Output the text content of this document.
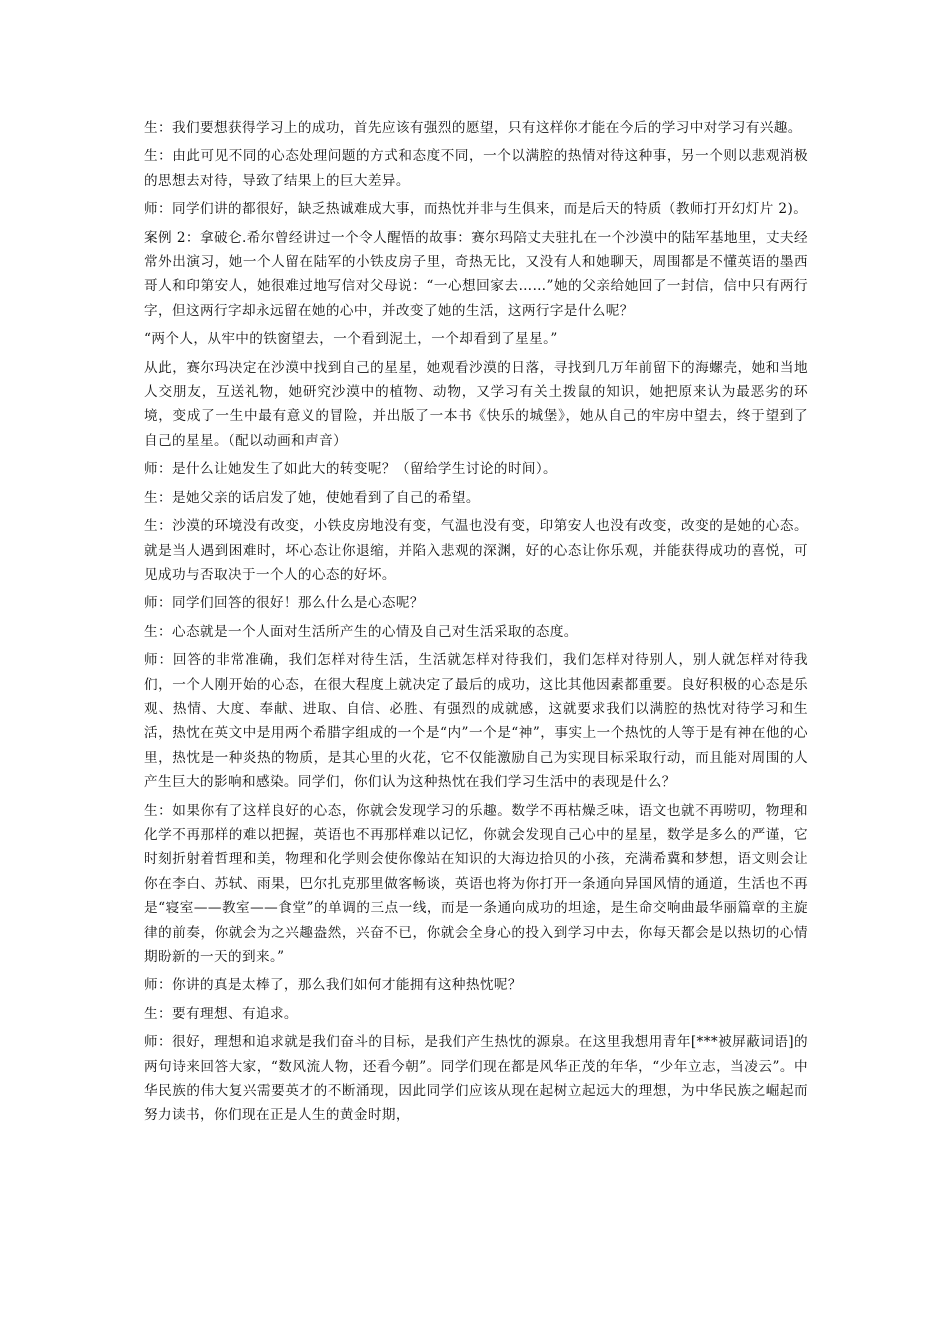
生：我们要想获得学习上的成功，首先应该有强烈的愿望，只有这样你才能在今后的学习中对学习有兴趣。

生：由此可见不同的心态处理问题的方式和态度不同，一个以满腔的热情对待这种事，另一个则以悲观消极的思想去对待，导致了结果上的巨大差异。

师：同学们讲的都很好，缺乏热诚难成大事，而热忱并非与生俱来，而是后天的特质（教师打开幻灯片 2)。

案例 2：拿破仑.希尔曾经讲过一个令人醒悟的故事：赛尔玛陪丈夫驻扎在一个沙漠中的陆军基地里，丈夫经常外出演习，她一个人留在陆军的小铁皮房子里，奇热无比，又没有人和她聊天，周围都是不懂英语的墨西哥人和印第安人，她很难过地写信对父母说：“一心想回家去……”她的父亲给她回了一封信，信中只有两行字，但这两行字却永远留在她的心中，并改变了她的生活，这两行字是什么呢？

“两个人，从牢中的铁窗望去，一个看到泥土，一个却看到了星星。”

从此，赛尔玛决定在沙漠中找到自己的星星，她观看沙漠的日落，寻找到几万年前留下的海螺壳，她和当地人交朋友，互送礼物，她研究沙漠中的植物、动物，又学习有关土拨鼠的知识，她把原来认为最恶劣的环境，变成了一生中最有意义的冒险，并出版了一本书《快乐的城堡》，她从自己的牢房中望去，终于望到了自己的星星。（配以动画和声音）

师：是什么让她发生了如此大的转变呢？（留给学生讨论的时间）。

生：是她父亲的话启发了她，使她看到了自己的希望。

生：沙漠的环境没有改变，小铁皮房地没有变，气温也没有变，印第安人也没有改变，改变的是她的心态。就是当人遇到困难时，坏心态让你退缩，并陷入悲观的深渊，好的心态让你乐观，并能获得成功的喜悦，可见成功与否取决于一个人的心态的好坏。

师：同学们回答的很好！那么什么是心态呢？

生：心态就是一个人面对生活所产生的心情及自己对生活采取的态度。

师：回答的非常准确，我们怎样对待生活，生活就怎样对待我们，我们怎样对待别人，别人就怎样对待我们，一个人刚开始的心态，在很大程度上就决定了最后的成功，这比其他因素都重要。良好积极的心态是乐观、热情、大度、奉献、进取、自信、必胜、有强烈的成就感，这就要求我们以满腔的热忱对待学习和生活，热忱在英文中是用两个希腊字组成的一个是“内”一个是“神”，事实上一个热忱的人等于是有神在他的心里，热忱是一种炎热的物质，是其心里的火花，它不仅能激励自己为实现目标采取行动，而且能对周围的人产生巨大的影响和感染。同学们，你们认为这种热忱在我们学习生活中的表现是什么？

生：如果你有了这样良好的心态，你就会发现学习的乐趣。数学不再枯燥乏味，语文也就不再唠叨，物理和化学不再那样的难以把握，英语也不再那样难以记忆，你就会发现自己心中的星星，数学是多么的严谨，它时刻折射着哲理和美，物理和化学则会使你像站在知识的大海边拾贝的小孩，充满希冀和梦想，语文则会让你在李白、苏轼、雨果，巴尔扎克那里做客畅谈，英语也将为你打开一条通向异国风情的通道，生活也不再是“寝室——教室——食堂”的单调的三点一线，而是一条通向成功的坦途，是生命交响曲最华丽篇章的主旋律的前奏，你就会为之兴趣盎然，兴奋不已，你就会全身心的投入到学习中去，你每天都会是以热切的心情期盼新的一天的到来。”

师：你讲的真是太棒了，那么我们如何才能拥有这种热忱呢？

生：要有理想、有追求。

师：很好，理想和追求就是我们奋斗的目标，是我们产生热忱的源泉。在这里我想用青年[***被屏蔽词语]的两句诗来回答大家，“数风流人物，还看今朝”。同学们现在都是风华正茂的年华，“少年立志，当凌云”。中华民族的伟大复兴需要英才的不断涌现，因此同学们应该从现在起树立起远大的理想，为中华民族之崛起而努力读书，你们现在正是人生的黄金时期，
